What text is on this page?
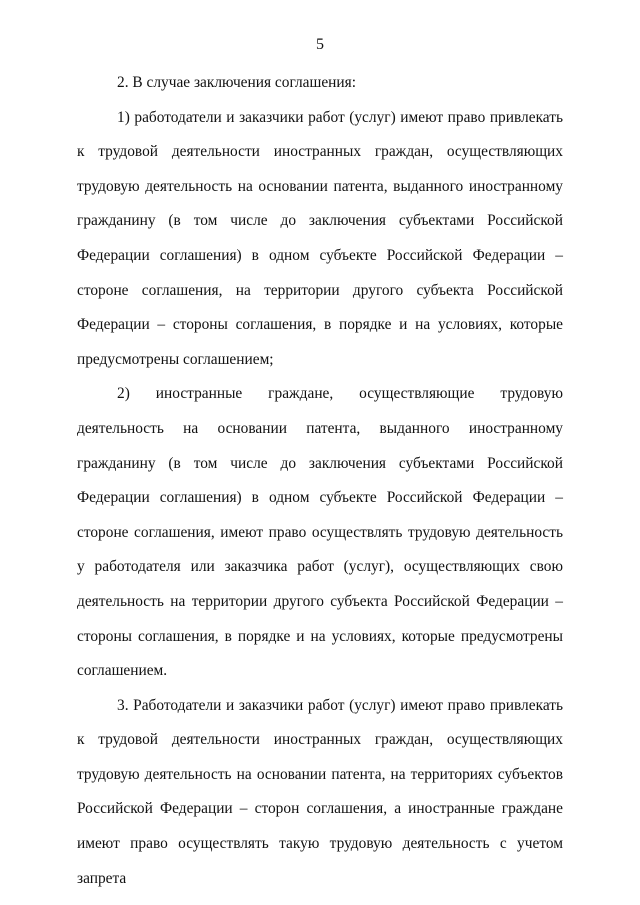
5

2. В случае заключения соглашения:

1) работодатели и заказчики работ (услуг) имеют право привлекать к трудовой деятельности иностранных граждан, осуществляющих трудовую деятельность на основании патента, выданного иностранному гражданину (в том числе до заключения субъектами Российской Федерации соглашения) в одном субъекте Российской Федерации – стороне соглашения, на территории другого субъекта Российской Федерации – стороны соглашения, в порядке и на условиях, которые предусмотрены соглашением;

2) иностранные граждане, осуществляющие трудовую деятельность на основании патента, выданного иностранному гражданину (в том числе до заключения субъектами Российской Федерации соглашения) в одном субъекте Российской Федерации – стороне соглашения, имеют право осуществлять трудовую деятельность у работодателя или заказчика работ (услуг), осуществляющих свою деятельность на территории другого субъекта Российской Федерации – стороны соглашения, в порядке и на условиях, которые предусмотрены соглашением.

3. Работодатели и заказчики работ (услуг) имеют право привлекать к трудовой деятельности иностранных граждан, осуществляющих трудовую деятельность на основании патента, на территориях субъектов Российской Федерации – сторон соглашения, а иностранные граждане имеют право осуществлять такую трудовую деятельность с учетом запрета
